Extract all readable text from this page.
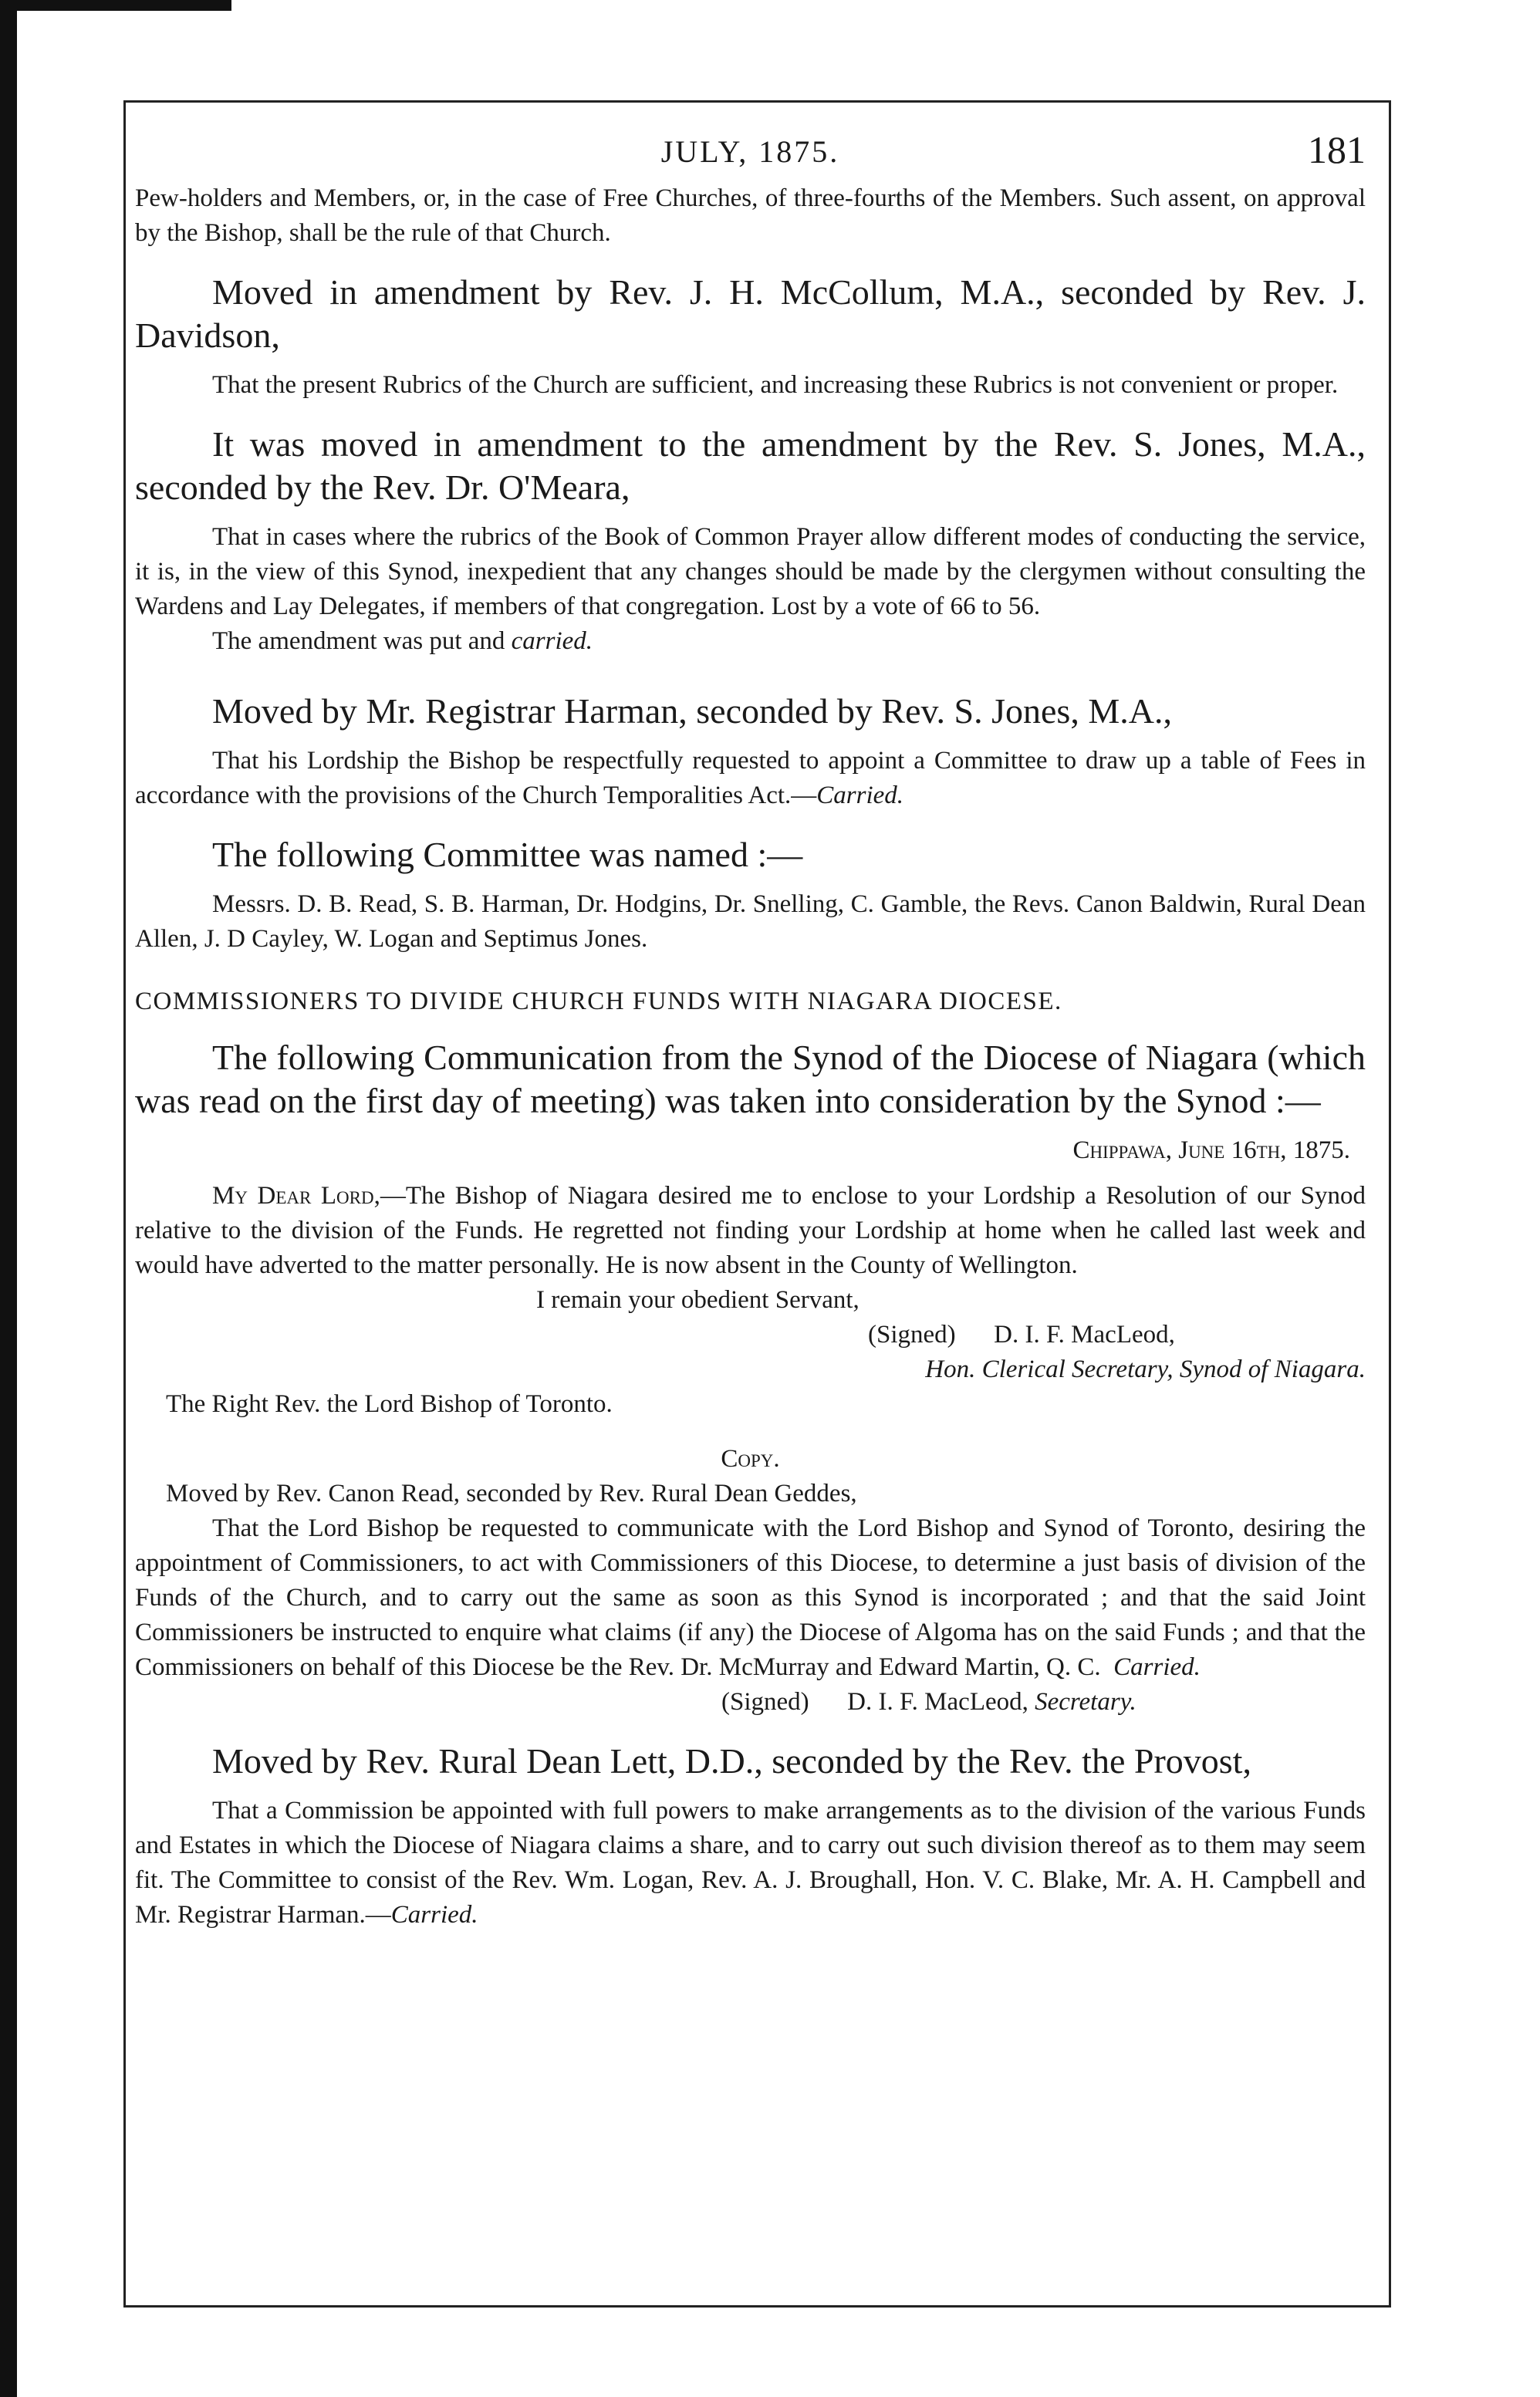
JULY, 1875.	181

Pew-holders and Members, or, in the case of Free Churches, of three-fourths of the Members. Such assent, on approval by the Bishop, shall be the rule of that Church.

Moved in amendment by Rev. J. H. McCollum, M.A., seconded by Rev. J. Davidson,

That the present Rubrics of the Church are sufficient, and increasing these Rubrics is not convenient or proper.

It was moved in amendment to the amendment by the Rev. S. Jones, M.A., seconded by the Rev. Dr. O'Meara,

That in cases where the rubrics of the Book of Common Prayer allow different modes of conducting the service, it is, in the view of this Synod, inexpedient that any changes should be made by the clergymen without consulting the Wardens and Lay Delegates, if members of that congregation. Lost by a vote of 66 to 56.

The amendment was put and carried.

Moved by Mr. Registrar Harman, seconded by Rev. S. Jones, M.A.,

That his Lordship the Bishop be respectfully requested to appoint a Committee to draw up a table of Fees in accordance with the provisions of the Church Temporalities Act.—Carried.

The following Committee was named :—

Messrs. D. B. Read, S. B. Harman, Dr. Hodgins, Dr. Snelling, C. Gamble, the Revs. Canon Baldwin, Rural Dean Allen, J. D Cayley, W. Logan and Septimus Jones.

COMMISSIONERS TO DIVIDE CHURCH FUNDS WITH NIAGARA DIOCESE.

The following Communication from the Synod of the Diocese of Niagara (which was read on the first day of meeting) was taken into consideration by the Synod :—

Chippawa, June 16th, 1875.

My Dear Lord,—The Bishop of Niagara desired me to enclose to your Lordship a Resolution of our Synod relative to the division of the Funds. He regretted not finding your Lordship at home when he called last week and would have adverted to the matter personally. He is now absent in the County of Wellington.

I remain your obedient Servant,

(Signed)      D. I. F. MacLeod,

Hon. Clerical Secretary, Synod of Niagara.

The Right Rev. the Lord Bishop of Toronto.

Copy.

Moved by Rev. Canon Read, seconded by Rev. Rural Dean Geddes,

That the Lord Bishop be requested to communicate with the Lord Bishop and Synod of Toronto, desiring the appointment of Commissioners, to act with Commissioners of this Diocese, to determine a just basis of division of the Funds of the Church, and to carry out the same as soon as this Synod is incorporated ; and that the said Joint Commissioners be instructed to enquire what claims (if any) the Diocese of Algoma has on the said Funds ; and that the Commissioners on behalf of this Diocese be the Rev. Dr. McMurray and Edward Martin, Q. C.  Carried.

(Signed)      D. I. F. MacLeod, Secretary.

Moved by Rev. Rural Dean Lett, D.D., seconded by the Rev. the Provost,

That a Commission be appointed with full powers to make arrangements as to the division of the various Funds and Estates in which the Diocese of Niagara claims a share, and to carry out such division thereof as to them may seem fit. The Committee to consist of the Rev. Wm. Logan, Rev. A. J. Broughall, Hon. V. C. Blake, Mr. A. H. Campbell and Mr. Registrar Harman.—Carried.
